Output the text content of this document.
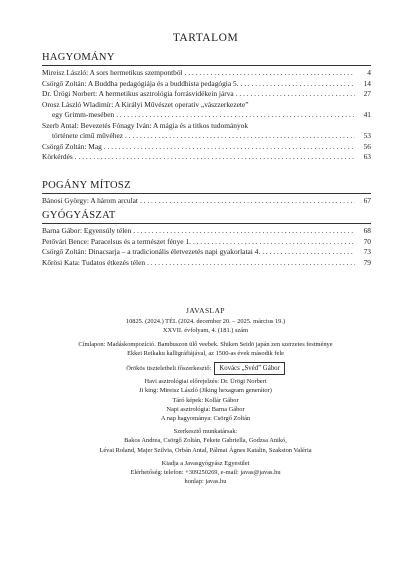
TARTALOM
HAGYOMÁNY
Mireisz László: A sors hermetikus szempontból . . .	4
Csörgő Zoltán: A Buddha pedagógiája és a buddhista pedagógia 5. . . .	14
Dr. Ürögi Norbert: A hermetikus asztrológia forrásvidékein járva . . .	27
Orosz László Wladimír: A Királyi Művészet operatív „vászzerkezete”
egy Grimm-mesében . . .	41
Szerb Antal: Bevezetés Fónagy Iván: A mágia és a titkos tudományok
története című művéhez . . .	53
Csörgő Zoltán: Mag . . .	56
Körkérdés . . .	63
POGÁNY MÍTOSZ
Bánosi György: A három arculat . . .	67
GYÓGYÁSZAT
Barna Gábor: Egyensúly télen . . .	68
Petővári Bence: Paracelsus és a természet fénye 1. . . .	70
Csörgő Zoltán: Dinacsarja – a tradicionális életvezetés napi gyakorlatai 4. . . .	73
Kőrösi Kata: Tudatos étkezés télen . . .	79
JAVASLAP
10825. (2024.) TÉL (2024. december 20. – 2025. március 19.)
XXVII. évfolyam, 4. (181.) szám
Címlapon: Madáskompozíció. Bambuszon ülő veebek. Shiken Seidō japán zen szerzetes festménye
Ekkei Reikaku kalligráfiájával, az 1500-as évek második fele
Örökös tiszteletbeli főszerkesztő:	Kovács „Svéd” Gábor
Havi asztrológiai előrejelzés: Dr. Ürögi Norbert
Ji king: Mireisz László (Jiking hexagram generátor)
Táró képek: Kollár Gábor
Napi asztrológia: Barna Gábor
A nap hagyománya: Csörgő Zoltán
Szerkesztő munkatársak:
Bakos Andrea, Csörgő Zoltán, Fekete Gabriella, Godzsa Anikó,
Lévai Roland, Majer Szilvia, Orbán Antal, Pálmai Ágnes Katalin, Szakston Valéria
Kiadja a Javasgyógyász Egyesület
Elérhetőség: telefon: +309250269, e-mail: javas@javas.hu
honlap: javas.hu
